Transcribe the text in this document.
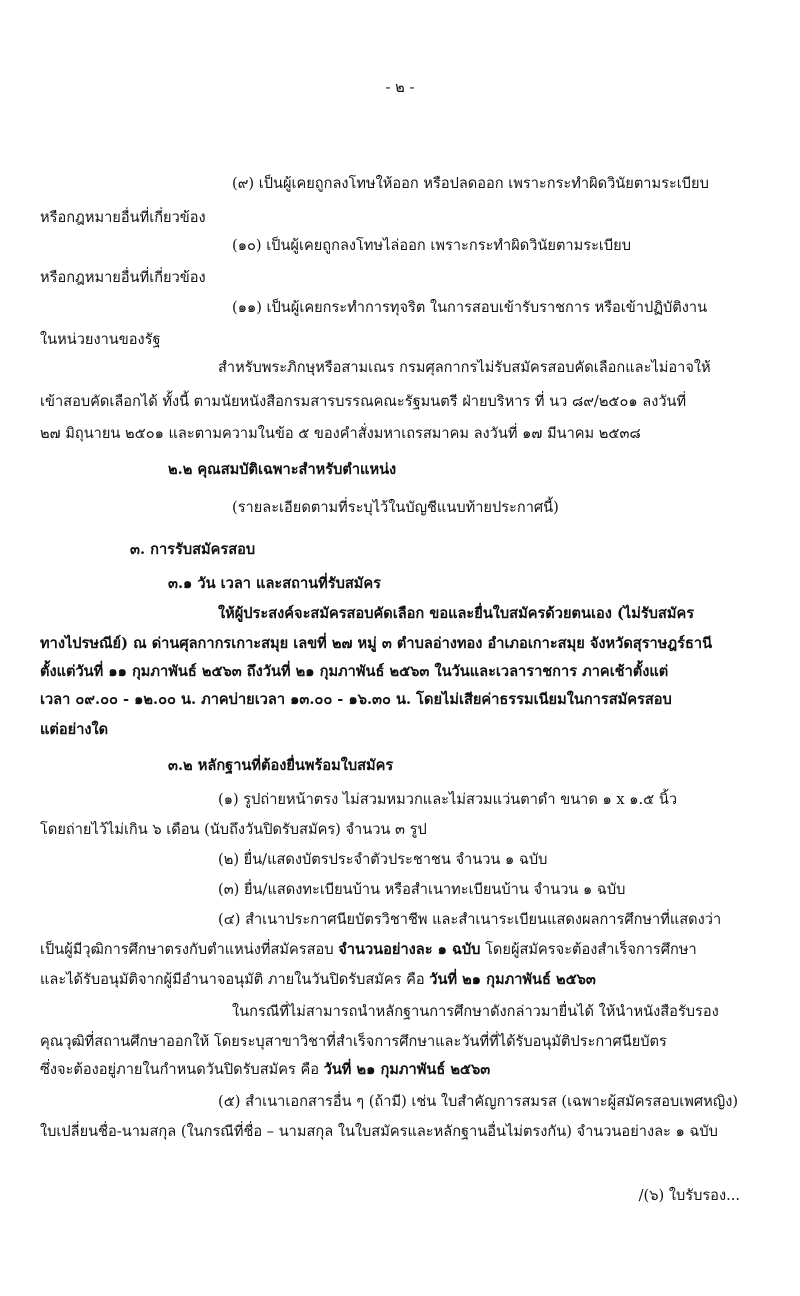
- ๒ -
(๙) เป็นผู้เคยถูกลงโทษให้ออก หรือปลดออก เพราะกระทำผิดวินัยตามระเบียบ
หรือกฎหมายอื่นที่เกี่ยวข้อง
(๑๐) เป็นผู้เคยถูกลงโทษไล่ออก เพราะกระทำผิดวินัยตามระเบียบ
หรือกฎหมายอื่นที่เกี่ยวข้อง
(๑๑) เป็นผู้เคยกระทำการทุจริต ในการสอบเข้ารับราชการ หรือเข้าปฏิบัติงาน
ในหน่วยงานของรัฐ
สำหรับพระภิกษุหรือสามเณร กรมศุลกากรไม่รับสมัครสอบคัดเลือกและไม่อาจให้
เข้าสอบคัดเลือกได้ ทั้งนี้ ตามนัยหนังสือกรมสารบรรณคณะรัฐมนตรี ฝ่ายบริหาร ที่ นว ๘๙/๒๕๐๑ ลงวันที่
๒๗ มิถุนายน ๒๕๐๑ และตามความในข้อ ๕ ของคำสั่งมหาเถรสมาคม ลงวันที่ ๑๗ มีนาคม ๒๕๓๘
๒.๒ คุณสมบัติเฉพาะสำหรับตำแหน่ง
(รายละเอียดตามที่ระบุไว้ในบัญชีแนบท้ายประกาศนี้)
๓. การรับสมัครสอบ
๓.๑ วัน เวลา และสถานที่รับสมัคร
ให้ผู้ประสงค์จะสมัครสอบคัดเลือก ขอและยื่นใบสมัครด้วยตนเอง (ไม่รับสมัคร
ทางไปรษณีย์) ณ ด่านศุลกากรเกาะสมุย เลขที่ ๒๗ หมู่ ๓ ตำบลอ่างทอง อำเภอเกาะสมุย จังหวัดสุราษฎร์ธานี
ตั้งแต่วันที่ ๑๑ กุมภาพันธ์ ๒๕๖๓ ถึงวันที่ ๒๑ กุมภาพันธ์ ๒๕๖๓ ในวันและเวลาราชการ ภาคเช้าตั้งแต่
เวลา ๐๙.๐๐ - ๑๒.๐๐ น. ภาคบ่ายเวลา ๑๓.๐๐ - ๑๖.๓๐ น. โดยไม่เสียค่าธรรมเนียมในการสมัครสอบ
แต่อย่างใด
๓.๒ หลักฐานที่ต้องยื่นพร้อมใบสมัคร
(๑) รูปถ่ายหน้าตรง ไม่สวมหมวกและไม่สวมแว่นตาดำ ขนาด ๑ x ๑.๕ นิ้ว
โดยถ่ายไว้ไม่เกิน ๖ เดือน (นับถึงวันปิดรับสมัคร) จำนวน ๓ รูป
(๒) ยื่น/แสดงบัตรประจำตัวประชาชน จำนวน ๑ ฉบับ
(๓) ยื่น/แสดงทะเบียนบ้าน หรือสำเนาทะเบียนบ้าน จำนวน ๑ ฉบับ
(๔) สำเนาประกาศนียบัตรวิชาชีพ และสำเนาระเบียนแสดงผลการศึกษาที่แสดงว่า
เป็นผู้มีวุฒิการศึกษาตรงกับตำแหน่งที่สมัครสอบ จำนวนอย่างละ ๑ ฉบับ โดยผู้สมัครจะต้องสำเร็จการศึกษา
และได้รับอนุมัติจากผู้มีอำนาจอนุมัติ ภายในวันปิดรับสมัคร คือ วันที่ ๒๑ กุมภาพันธ์ ๒๕๖๓
ในกรณีที่ไม่สามารถนำหลักฐานการศึกษาดังกล่าวมายื่นได้ ให้นำหนังสือรับรอง
คุณวุฒิที่สถานศึกษาออกให้ โดยระบุสาขาวิชาที่สำเร็จการศึกษาและวันที่ที่ได้รับอนุมัติประกาศนียบัตร
ซึ่งจะต้องอยู่ภายในกำหนดวันปิดรับสมัคร คือ วันที่ ๒๑ กุมภาพันธ์ ๒๕๖๓
(๕) สำเนาเอกสารอื่น ๆ (ถ้ามี) เช่น ใบสำคัญการสมรส (เฉพาะผู้สมัครสอบเพศหญิง)
ใบเปลี่ยนชื่อ-นามสกุล (ในกรณีที่ชื่อ – นามสกุล ในใบสมัครและหลักฐานอื่นไม่ตรงกัน) จำนวนอย่างละ ๑ ฉบับ
/(๖) ใบรับรอง...
